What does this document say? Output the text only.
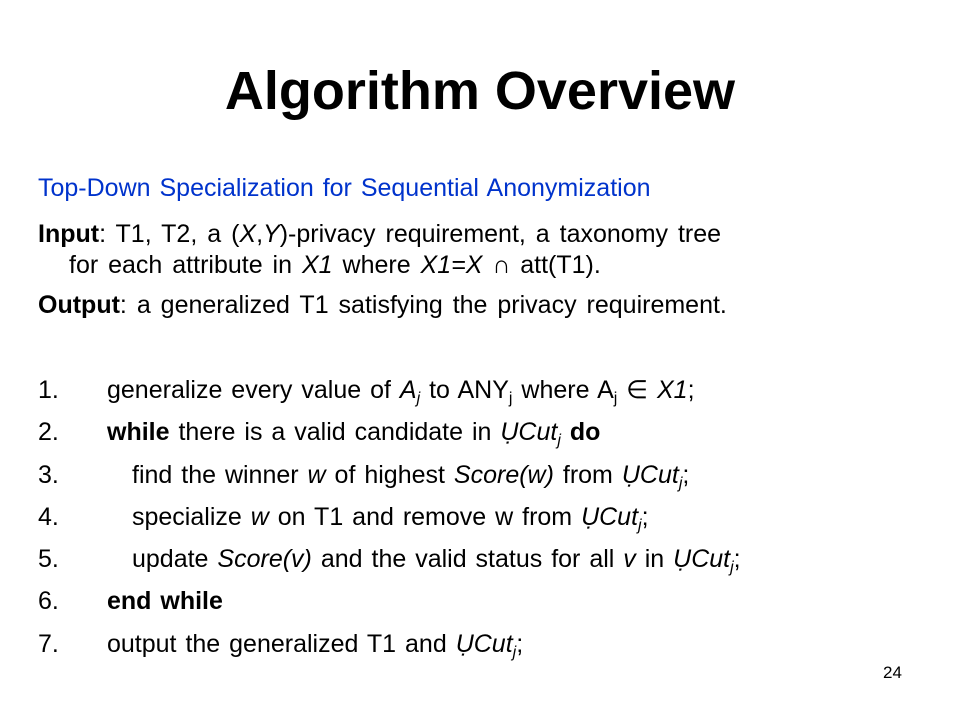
Algorithm Overview
Top-Down Specialization for Sequential Anonymization
Input: T1, T2, a (X,Y)-privacy requirement, a taxonomy tree
for each attribute in X1 where X1=X ∩ att(T1).
Output: a generalized T1 satisfying the privacy requirement.
1. generalize every value of $A_j$ to $ANY_j$ where $A_j$ ∈ X1;
2. while there is a valid candidate in ỤCut$_j$ do
3.	find the winner w of highest Score(w) from ỤCut$_j$;
4.	specialize w on T1 and remove w from ỤCut$_j$;
5.	update Score(v) and the valid status for all v in ỤCut$_j$;
6. end while
7. output the generalized T1 and ỤCut$_j$;
24
